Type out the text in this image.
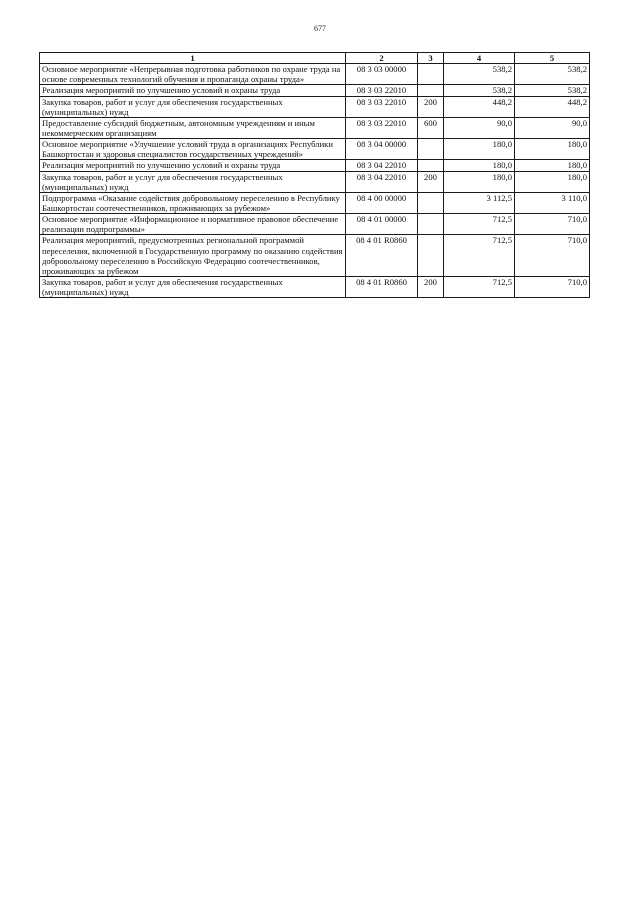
677
1	2	3	4	5
Основное мероприятие «Непрерывная подготовка работников по охране труда на основе современных технологий обучения и пропаганда охраны труда»	08 3 03 00000		538,2	538,2
Реализация мероприятий по улучшению условий и охраны труда	08 3 03 22010		538,2	538,2
Закупка товаров, работ и услуг для обеспечения государственных (муниципальных) нужд	08 3 03 22010	200	448,2	448,2
Предоставление субсидий бюджетным, автономным учреждениям и иным некоммерческим организациям	08 3 03 22010	600	90,0	90,0
Основное мероприятие «Улучшение условий труда в организациях Республики Башкортостан и здоровья специалистов государственных учреждений»	08 3 04 00000		180,0	180,0
Реализация мероприятий по улучшению условий и охраны труда	08 3 04 22010		180,0	180,0
Закупка товаров, работ и услуг для обеспечения государственных (муниципальных) нужд	08 3 04 22010	200	180,0	180,0
Подпрограмма «Оказание содействия добровольному переселению в Республику Башкортостан соотечественников, проживающих за рубежом»	08 4 00 00000		3 112,5	3 110,0
Основное мероприятие «Информационное и нормативное правовое обеспечение реализации подпрограммы»	08 4 01 00000		712,5	710,0
Реализация мероприятий, предусмотренных региональной программой переселения, включенной в Государственную программу по оказанию содействия добровольному переселению в Российскую Федерацию соотечественников, проживающих за рубежом	08 4 01 R0860		712,5	710,0
Закупка товаров, работ и услуг для обеспечения государственных (муниципальных) нужд	08 4 01 R0860	200	712,5	710,0
